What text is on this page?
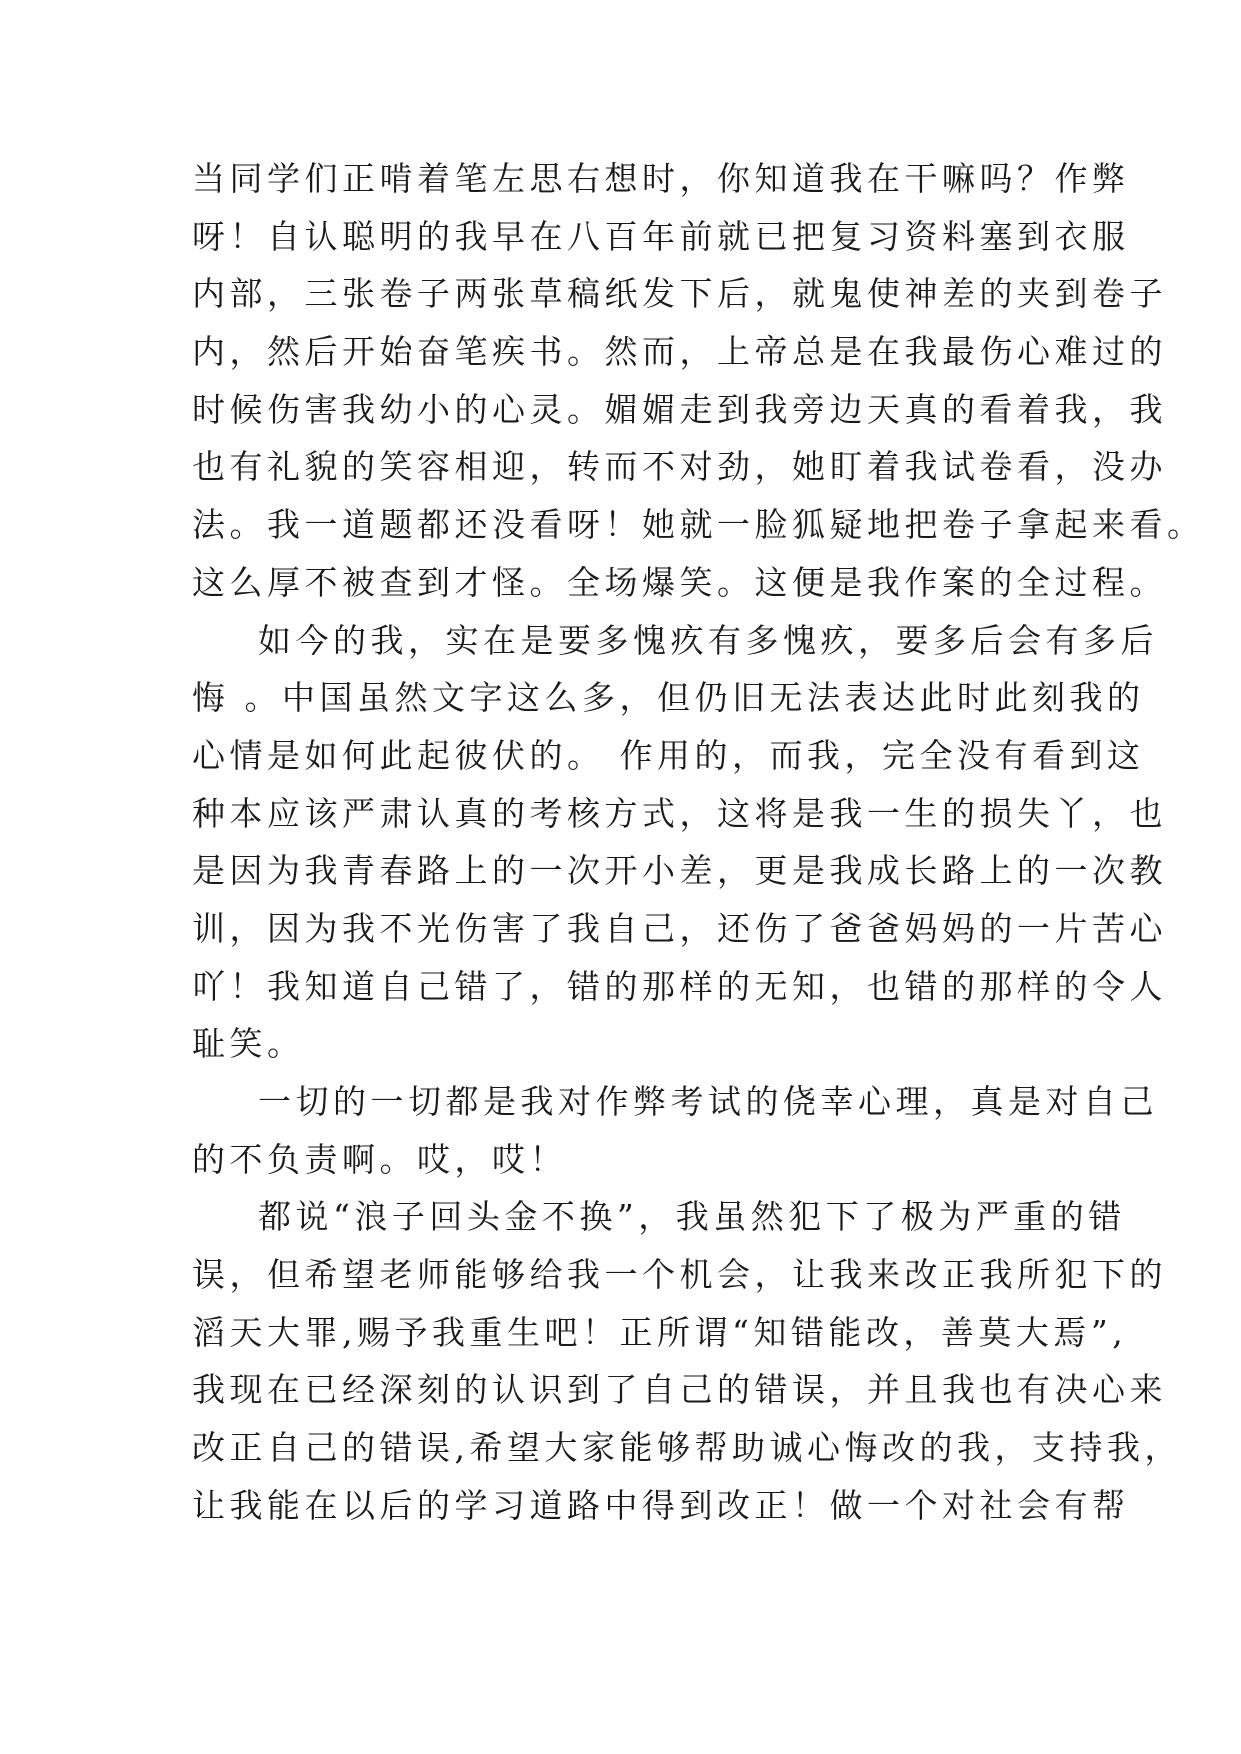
当同学们正啃着笔左思右想时，你知道我在干嘛吗？作弊
呀！自认聪明的我早在八百年前就已把复习资料塞到衣服
内部，三张卷子两张草稿纸发下后，就鬼使神差的夹到卷子
内，然后开始奋笔疾书。然而，上帝总是在我最伤心难过的
时候伤害我幼小的心灵。媚媚走到我旁边天真的看着我，我
也有礼貌的笑容相迎，转而不对劲，她盯着我试卷看，没办
法。我一道题都还没看呀！她就一脸狐疑地把卷子拿起来看。
这么厚不被查到才怪。全场爆笑。这便是我作案的全过程。
如今的我，实在是要多愧疚有多愧疚，要多后会有多后
悔 。中国虽然文字这么多，但仍旧无法表达此时此刻我的
心情是如何此起彼伏的。 作用的，而我，完全没有看到这
种本应该严肃认真的考核方式，这将是我一生的损失丫，也
是因为我青春路上的一次开小差，更是我成长路上的一次教
训，因为我不光伤害了我自己，还伤了爸爸妈妈的一片苦心
吖！我知道自己错了，错的那样的无知，也错的那样的令人
耻笑。
一切的一切都是我对作弊考试的侥幸心理，真是对自己
的不负责啊。哎，哎！
都说“浪子回头金不换”，我虽然犯下了极为严重的错
误，但希望老师能够给我一个机会，让我来改正我所犯下的
滔天大罪,赐予我重生吧！正所谓“知错能改，善莫大焉”,
我现在已经深刻的认识到了自己的错误，并且我也有决心来
改正自己的错误,希望大家能够帮助诚心悔改的我，支持我，
让我能在以后的学习道路中得到改正！做一个对社会有帮
